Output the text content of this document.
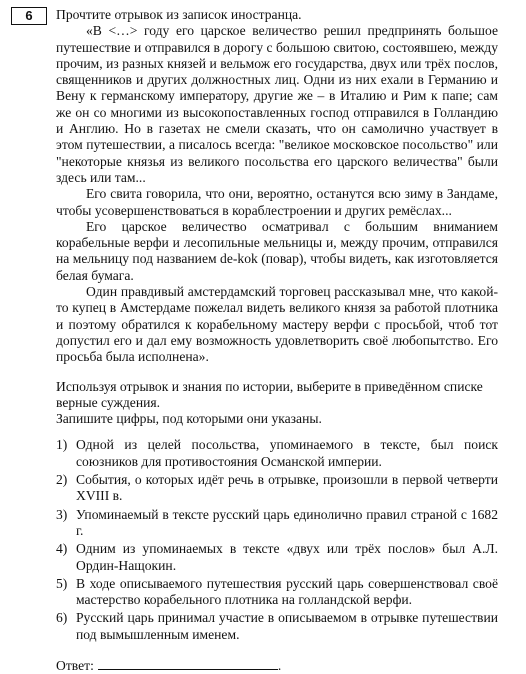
6	Прочтите отрывок из записок иностранца.

«В <…> году его царское величество решил предпринять большое путешествие и отправился в дорогу с большою свитою, состоявшею, между прочим, из разных князей и вельмож его государства, двух или трёх послов, священников и других должностных лиц. Одни из них ехали в Германию и Вену к германскому императору, другие же – в Италию и Рим к папе; сам же он со многими из высокопоставленных господ отправился в Голландию и Англию. Но в газетах не смели сказать, что он самолично участвует в этом путешествии, а писалось всегда: "великое московское посольство" или "некоторые князья из великого посольства его царского величества" были здесь или там...

Его свита говорила, что они, вероятно, останутся всю зиму в Зандаме, чтобы усовершенствоваться в кораблестроении и других ремёслах...

Его царское величество осматривал с большим вниманием корабельные верфи и лесопильные мельницы и, между прочим, отправился на мельницу под названием de-kok (повар), чтобы видеть, как изготовляется белая бумага.

Один правдивый амстердамский торговец рассказывал мне, что какой-то купец в Амстердаме пожелал видеть великого князя за работой плотника и поэтому обратился к корабельному мастеру верфи с просьбой, чтоб тот допустил его и дал ему возможность удовлетворить своё любопытство. Его просьба была исполнена».

Используя отрывок и знания по истории, выберите в приведённом списке верные суждения.

Запишите цифры, под которыми они указаны.

1) Одной из целей посольства, упоминаемого в тексте, был поиск союзников для противостояния Османской империи.
2) События, о которых идёт речь в отрывке, произошли в первой четверти XVIII в.
3) Упоминаемый в тексте русский царь единолично правил страной с 1682 г.
4) Одним из упоминаемых в тексте «двух или трёх послов» был А.Л. Ордин-Нащокин.
5) В ходе описываемого путешествия русский царь совершенствовал своё мастерство корабельного плотника на голландской верфи.
6) Русский царь принимал участие в описываемом в отрывке путешествии под вымышленным именем.
Ответ:	.
